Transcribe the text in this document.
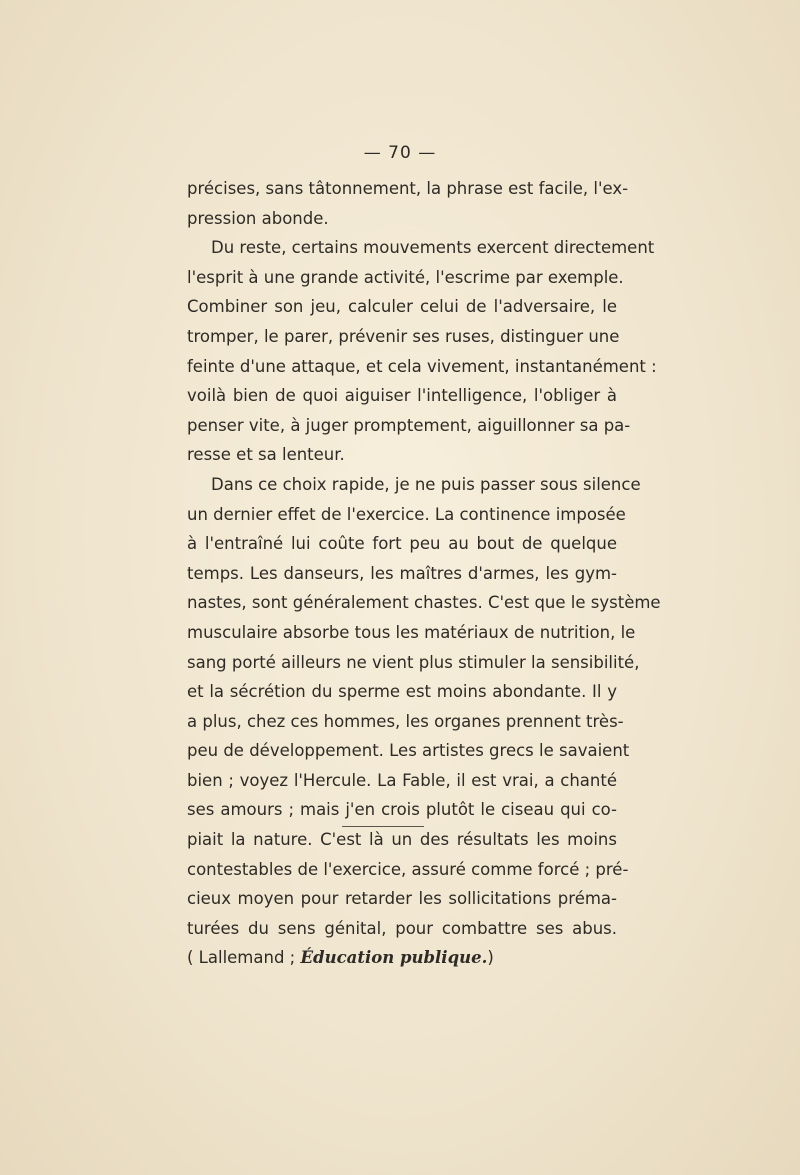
— 70 —
précises, sans tâtonnement, la phrase est facile, l'ex-
pression abonde.
Du reste, certains mouvements exercent directement
l'esprit à une grande activité, l'escrime par exemple.
Combiner son jeu, calculer celui de l'adversaire, le
tromper, le parer, prévenir ses ruses, distinguer une
feinte d'une attaque, et cela vivement, instantanément :
voilà bien de quoi aiguiser l'intelligence, l'obliger à
penser vite, à juger promptement, aiguillonner sa pa-
resse et sa lenteur.
Dans ce choix rapide, je ne puis passer sous silence
un dernier effet de l'exercice. La continence imposée
à l'entraîné lui coûte fort peu au bout de quelque
temps. Les danseurs, les maîtres d'armes, les gym-
nastes, sont généralement chastes. C'est que le système
musculaire absorbe tous les matériaux de nutrition, le
sang porté ailleurs ne vient plus stimuler la sensibilité,
et la sécrétion du sperme est moins abondante. Il y
a plus, chez ces hommes, les organes prennent très-
peu de développement. Les artistes grecs le savaient
bien ; voyez l'Hercule. La Fable, il est vrai, a chanté
ses amours ; mais j'en crois plutôt le ciseau qui co-
piait la nature. C'est là un des résultats les moins
contestables de l'exercice, assuré comme forcé ; pré-
cieux moyen pour retarder les sollicitations préma-
turées du sens génital, pour combattre ses abus.
( Lallemand ; Éducation publique.)
